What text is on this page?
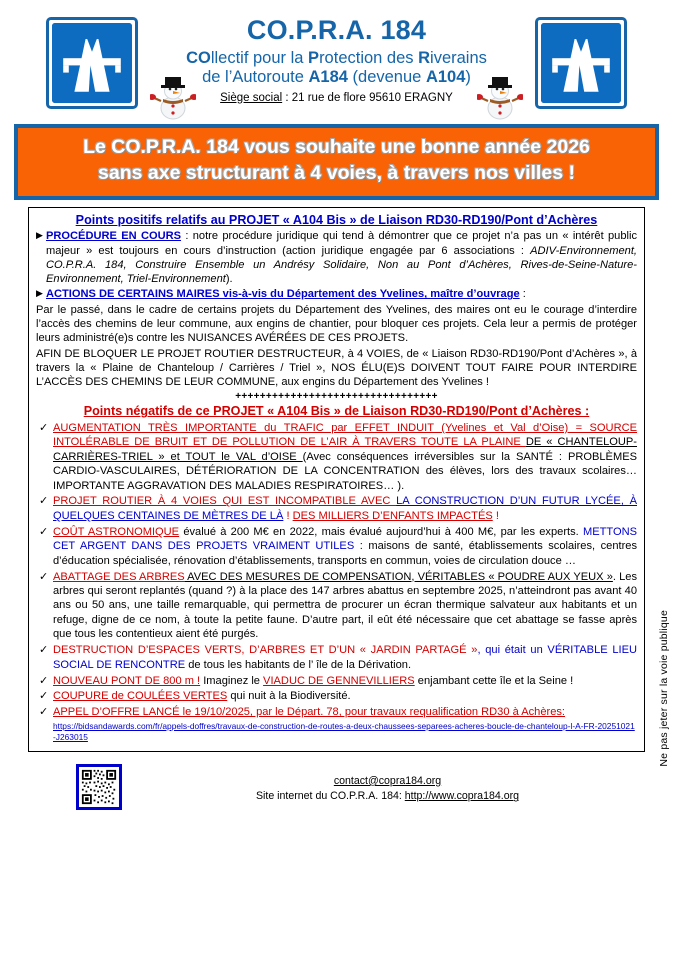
CO.P.R.A. 184
COllectif pour la Protection des Riverains
de l’Autoroute A184 (devenue A104)
Siège social : 21 rue de flore 95610 ERAGNY
Le CO.P.R.A. 184 vous souhaite une bonne année 2026
sans axe structurant à 4 voies, à travers nos villes !
Points positifs relatifs au PROJET « A104 Bis » de Liaison RD30-RD190/Pont d’Achères
▶ PROCÉDURE EN COURS : notre procédure juridique qui tend à démontrer que ce projet n’a pas un « intérêt public majeur » est toujours en cours d’instruction (action juridique engagée par 6 associations : ADIV-Environnement, CO.P.R.A. 184, Construire Ensemble un Andrésy Solidaire, Non au Pont d’Achères, Rives-de-Seine-Nature-Environnement, Triel-Environnement).
▶ ACTIONS DE CERTAINS MAIRES vis-à-vis du Département des Yvelines, maître d’ouvrage :
Par le passé, dans le cadre de certains projets du Département des Yvelines, des maires ont eu le courage d’interdire l’accès des chemins de leur commune, aux engins de chantier, pour bloquer ces projets. Cela leur a permis de protéger leurs administré(e)s contre les NUISANCES AVÉRÉES DE CES PROJETS.
AFIN DE BLOQUER LE PROJET ROUTIER DESTRUCTEUR, à 4 VOIES, de « Liaison RD30-RD190/Pont d’Achères », à travers la « Plaine de Chanteloup / Carrières / Triel », NOS ÉLU(E)S DOIVENT TOUT FAIRE POUR INTERDIRE L’ACCÈS DES CHEMINS DE LEUR COMMUNE, aux engins du Département des Yvelines !
+++++++++++++++++++++++++++++++++
Points négatifs de ce PROJET « A104 Bis » de Liaison RD30-RD190/Pont d’Achères :
✓ AUGMENTATION TRÈS IMPORTANTE du TRAFIC par EFFET INDUIT (Yvelines et Val d’Oise) = SOURCE INTOLÉRABLE DE BRUIT ET DE POLLUTION DE L’AIR À TRAVERS TOUTE LA PLAINE DE « CHANTELOUP-CARRIÈRES-TRIEL » et TOUT le VAL d’OISE (Avec conséquences irréversibles sur la SANTÉ : PROBLÈMES CARDIO-VASCULAIRES, DÉTÉRIORATION DE LA CONCENTRATION des élèves, lors des travaux scolaires… IMPORTANTE AGGRAVATION DES MALADIES RESPIRATOIRES… ).
✓ PROJET ROUTIER À 4 VOIES QUI EST INCOMPATIBLE AVEC LA CONSTRUCTION D’UN FUTUR LYCÉE, À QUELQUES CENTAINES DE MÈTRES DE LÀ ! DES MILLIERS D’ENFANTS IMPACTÉS !
✓ COÛT ASTRONOMIQUE évalué à 200 M€ en 2022, mais évalué aujourd’hui à 400 M€, par les experts. METTONS CET ARGENT DANS DES PROJETS VRAIMENT UTILES : maisons de santé, établissements scolaires, centres d’éducation spécialisée, rénovation d’établissements, transports en commun, voies de circulation douce …
✓ ABATTAGE DES ARBRES AVEC DES MESURES DE COMPENSATION, VÉRITABLES « POUDRE AUX YEUX ». Les arbres qui seront replantés (quand ?) à la place des 147 arbres abattus en septembre 2025, n’atteindront pas avant 40 ans ou 50 ans, une taille remarquable, qui permettra de procurer un écran thermique salvateur aux habitants et un refuge, digne de ce nom, à toute la petite faune. D’autre part, il eût été nécessaire que cet abattage se fasse après que tous les contentieux aient été purgés.
✓ DESTRUCTION D’ESPACES VERTS, D’ARBRES ET D’UN « JARDIN PARTAGÉ », qui était un VÉRITABLE LIEU SOCIAL DE RENCONTRE de tous les habitants de l’ île de la Dérivation.
✓ NOUVEAU PONT DE 800 m ! Imaginez le VIADUC DE GENNEVILLIERS enjambant cette île et la Seine !
✓ COUPURE de COULÉES VERTES qui nuit à la Biodiversité.
✓ APPEL D’OFFRE LANCÉ le 19/10/2025, par le Départ. 78, pour travaux requalification RD30 à Achères:
https://bidsandawards.com/fr/appels-doffres/travaux-de-construction-de-routes-a-deux-chaussees-separees-acheres-boucle-de-chanteloup-l-A-FR-20251021-J263015	Ne pas jeter sur la voie publique
contact@copra184.org
Site internet du CO.P.R.A. 184: http://www.copra184.org
